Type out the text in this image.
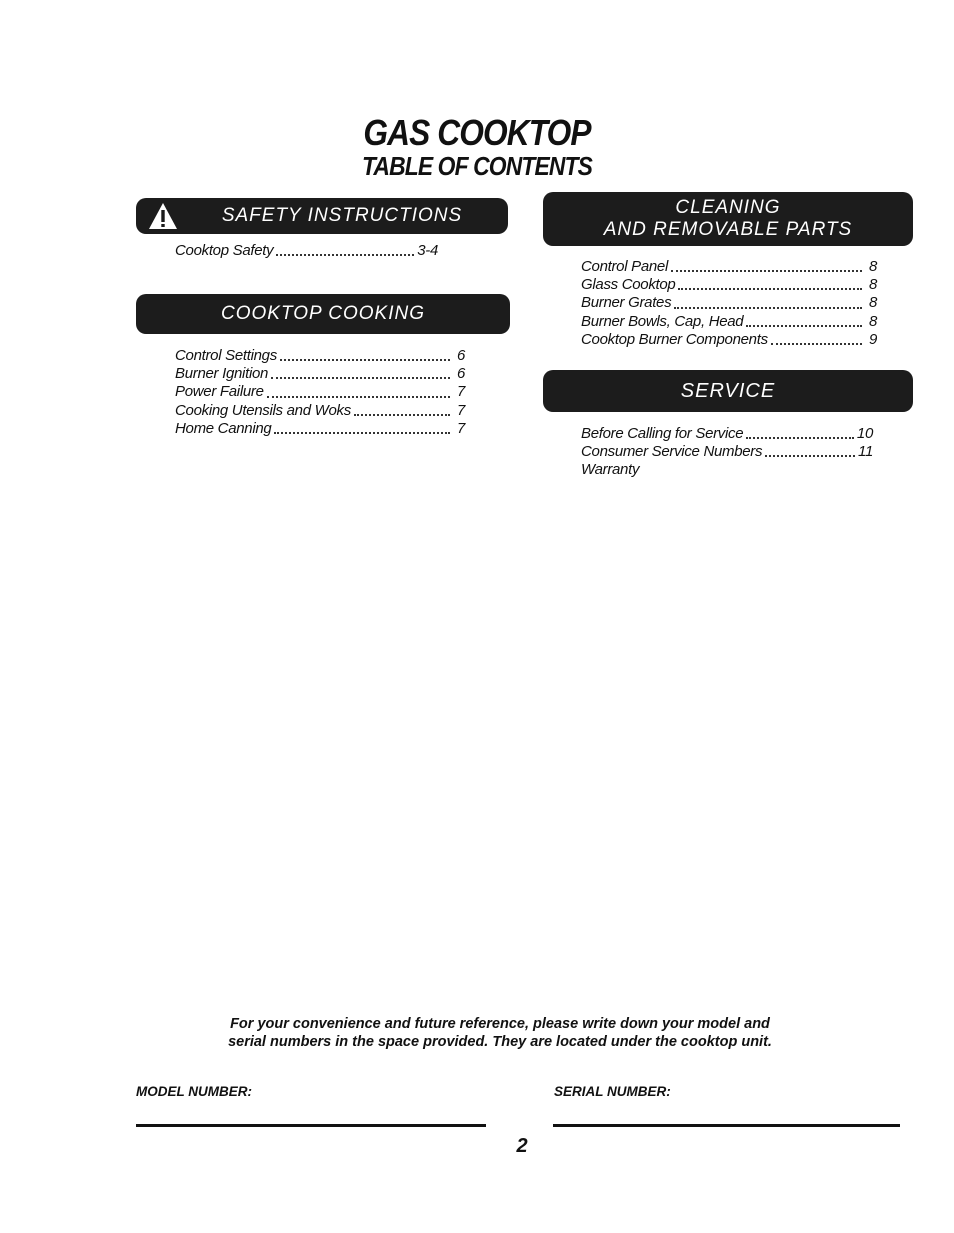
GAS COOKTOP
TABLE OF CONTENTS
SAFETY INSTRUCTIONS
Cooktop Safety	3-4
COOKTOP COOKING
Control Settings	6
Burner Ignition	6
Power Failure	7
Cooking Utensils and Woks	7
Home Canning	7
CLEANING
AND REMOVABLE PARTS
Control Panel	8
Glass Cooktop	8
Burner Grates	8
Burner Bowls, Cap, Head	8
Cooktop Burner Components	9
SERVICE
Before Calling for Service	10
Consumer Service Numbers	11
Warranty
For your convenience and future reference, please write down your model and
serial numbers in the space provided. They are located under the cooktop unit.
MODEL NUMBER:	SERIAL NUMBER:
2
